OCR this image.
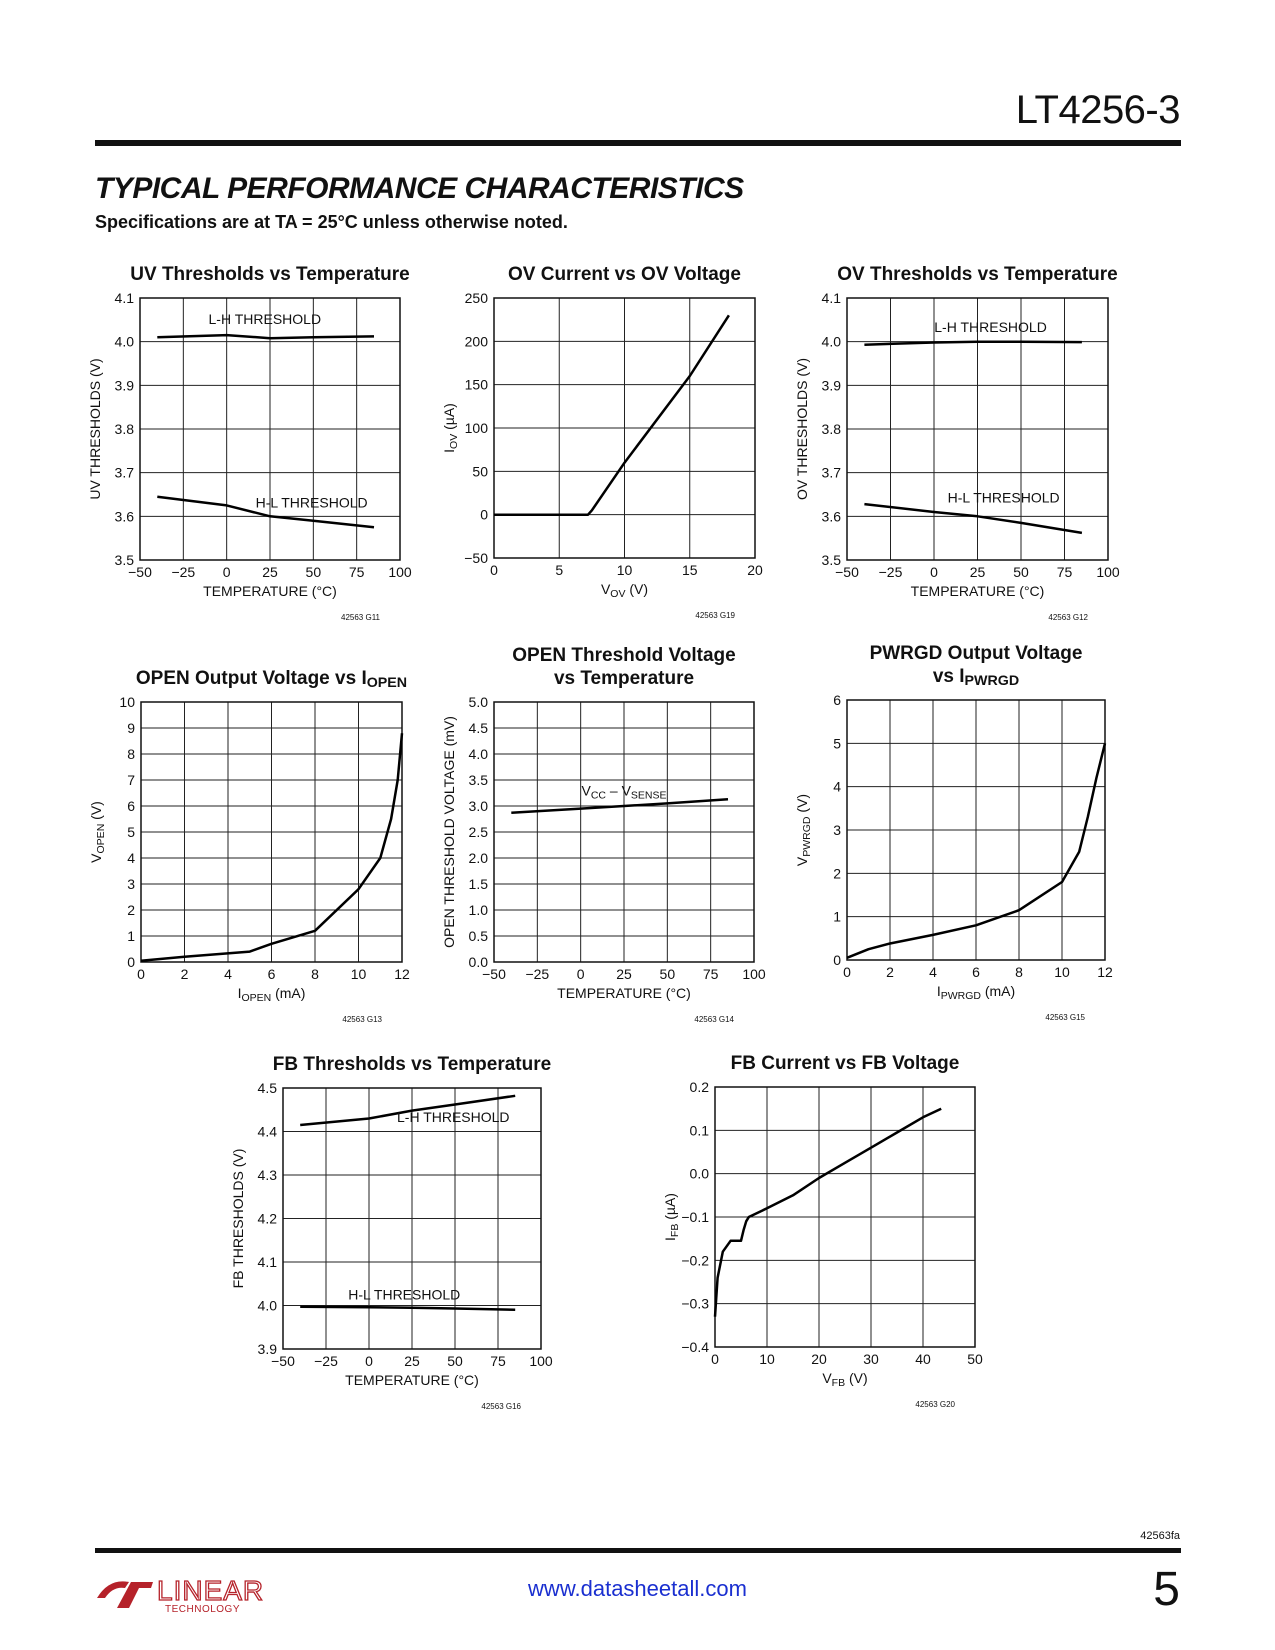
LT4256-3
TYPICAL PERFORMANCE CHARACTERISTICS
Specifications are at TA = 25°C unless otherwise noted.
UV Thresholds vs Temperature
−50 −25 0 25 50 75 100
3.5
3.6
3.7
3.8
3.9
4.0
4.1
TEMPERATURE (°C)
UV THRESHOLDS (V)
L-H THRESHOLD
H-L THRESHOLD
42563 G11
OV Current vs OV Voltage
0	5	10	15	20
−50
0
50
100
150
200
250
$V_{OV}$ (V)
$I_{OV}$ (µA)
42563 G19
OV Thresholds vs Temperature
−50 −25 0 25 50 75 100
3.5
3.6
3.7
3.8
3.9
4.0
4.1
TEMPERATURE (°C)
OV THRESHOLDS (V)
L-H THRESHOLD
H-L THRESHOLD
42563 G12
OPEN Output Voltage vs IOPEN
0	2	4	6	8 10 12
0
1
2
3
4
5
6
7
8
9
10
$I_{OPEN}$ (mA)
$V_{OPEN}$ (V)
42563 G13
OPEN Threshold Voltage
vs Temperature
−50 −25 0 25 50 75 100
0.0
0.5
1.0
1.5
2.0
2.5
3.0
3.5
4.0
4.5
5.0
TEMPERATURE (°C)
OPEN THRESHOLD VOLTAGE (mV)	$V_{CC} - V_{SENSE}$
42563 G14
PWRGD Output Voltage
vs IPWRGD
0	2	4	6	8 10 12
0
1
2
3
4
5
6
$I_{PWRGD}$ (mA)
$V_{PWRGD}$ (V)
42563 G15
FB Thresholds vs Temperature
−50 −25 0 25 50 75 100
3.9
4.0
4.1
4.2
4.3
4.4
4.5
TEMPERATURE (°C)
FB THRESHOLDS (V)
L-H THRESHOLD
H-L THRESHOLD
42563 G16
FB Current vs FB Voltage
0	10	20	30	40	50
−0.4
−0.3
−0.2
−0.1
0.0
0.1
0.2
$V_{FB}$ (V)
$I_{FB}$ (µA)
42563 G20
42563fa
LINEAR
TECHNOLOGY
www.datasheetall.com	5
